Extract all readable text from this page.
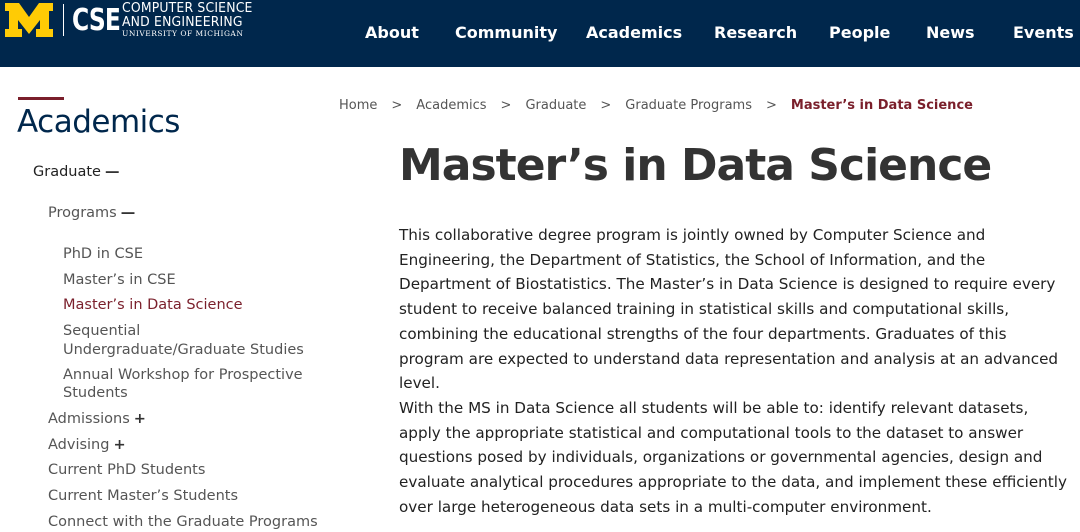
CSE COMPUTER SCIENCE
AND ENGINEERING
UNIVERSITY OF MICHIGAN	About Community Academics Research People News Events
Academics
Graduate —
Programs —
PhD in CSE
Master’s in CSE
Master’s in Data Science
Sequential
Undergraduate/Graduate Studies
Annual Workshop for Prospective
Students
Admissions +
Advising +
Current PhD Students
Current Master’s Students
Connect with the Graduate Programs
Home > Academics > Graduate > Graduate Programs > Master’s in Data Science
Master’s in Data Science

This collaborative degree program is jointly owned by Computer Science and Engineering, the Department of Statistics, the School of Information, and the Department of Biostatistics. The Master’s in Data Science is designed to require every student to receive balanced training in statistical skills and computational skills, combining the educational strengths of the four departments. Graduates of this program are expected to understand data representation and analysis at an advanced level.

With the MS in Data Science all students will be able to: identify relevant datasets, apply the appropriate statistical and computational tools to the dataset to answer questions posed by individuals, organizations or governmental agencies, design and evaluate analytical procedures appropriate to the data, and implement these efficiently over large heterogeneous data sets in a multi-computer environment.
